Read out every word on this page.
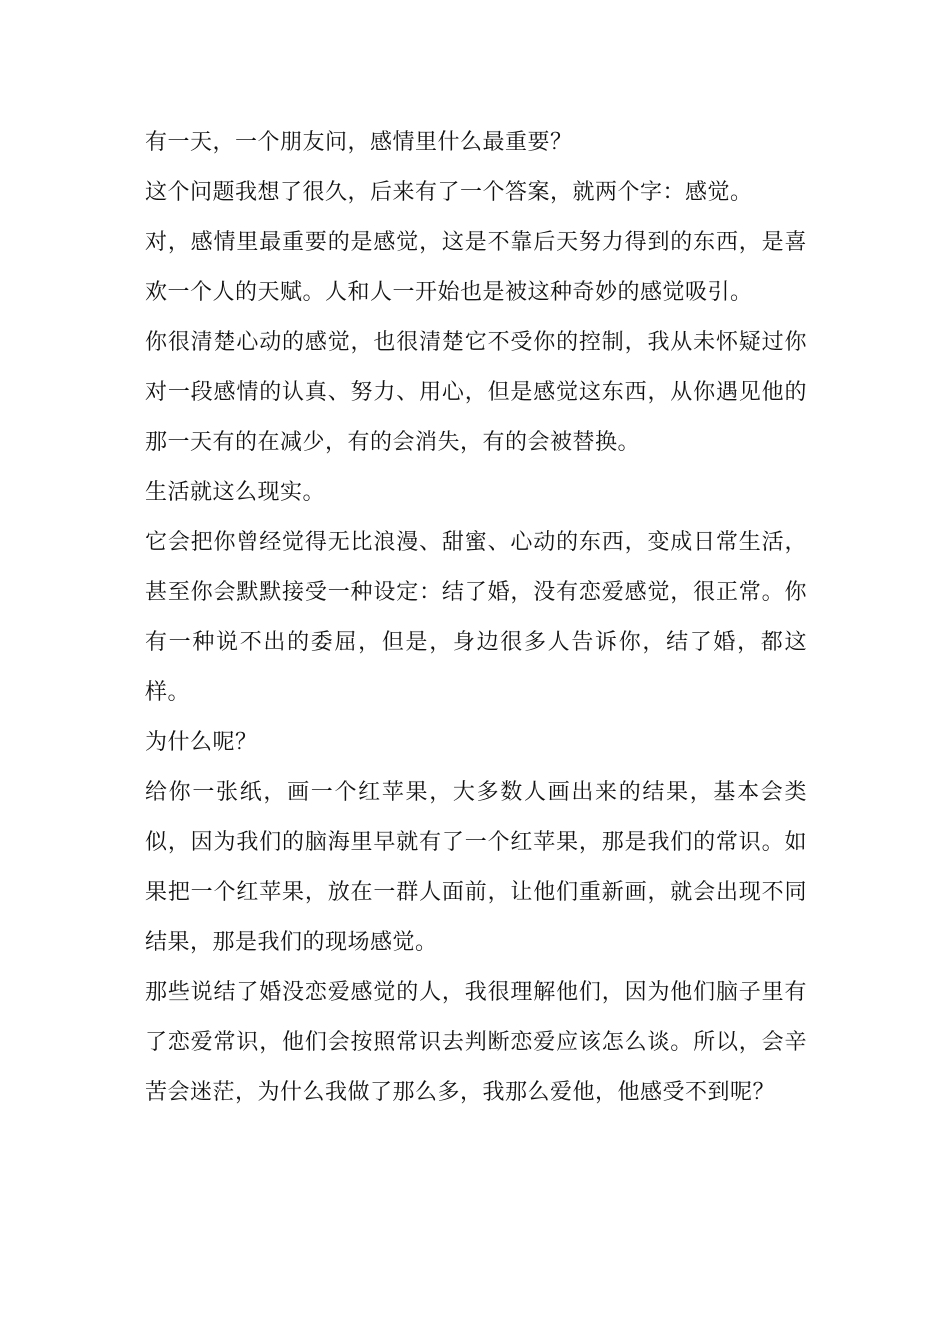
有一天，一个朋友问，感情里什么最重要？

这个问题我想了很久，后来有了一个答案，就两个字：感觉。

对，感情里最重要的是感觉，这是不靠后天努力得到的东西，是喜欢一个人的天赋。人和人一开始也是被这种奇妙的感觉吸引。

你很清楚心动的感觉，也很清楚它不受你的控制，我从未怀疑过你对一段感情的认真、努力、用心，但是感觉这东西，从你遇见他的那一天有的在减少，有的会消失，有的会被替换。

生活就这么现实。

它会把你曾经觉得无比浪漫、甜蜜、心动的东西，变成日常生活，甚至你会默默接受一种设定：结了婚，没有恋爱感觉，很正常。你有一种说不出的委屈，但是，身边很多人告诉你，结了婚，都这样。

为什么呢？

给你一张纸，画一个红苹果，大多数人画出来的结果，基本会类似，因为我们的脑海里早就有了一个红苹果，那是我们的常识。如果把一个红苹果，放在一群人面前，让他们重新画，就会出现不同结果，那是我们的现场感觉。

那些说结了婚没恋爱感觉的人，我很理解他们，因为他们脑子里有了恋爱常识，他们会按照常识去判断恋爱应该怎么谈。所以，会辛苦会迷茫，为什么我做了那么多，我那么爱他，他感受不到呢？
